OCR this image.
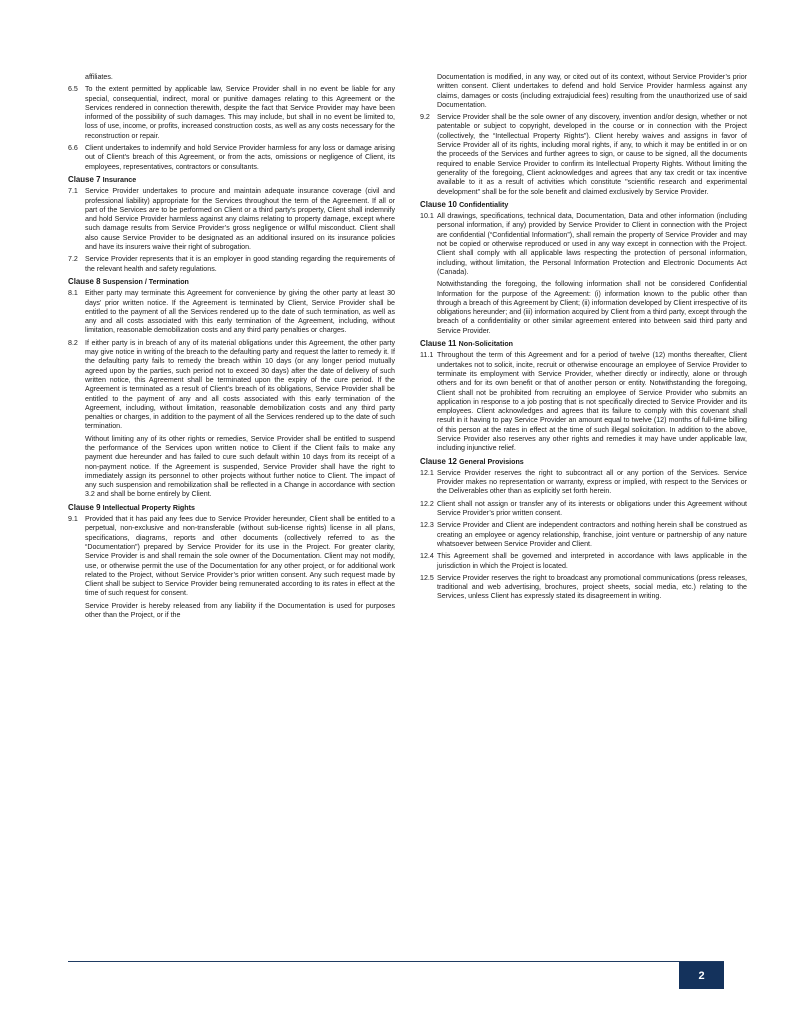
affiliates.
6.5	To the extent permitted by applicable law, Service Provider shall in no event be liable for any special, consequential, indirect, moral or punitive damages relating to this Agreement or the Services rendered in connection therewith, despite the fact that Service Provider may have been informed of the possibility of such damages. This may include, but shall in no event be limited to, loss of use, income, or profits, increased construction costs, as well as any costs necessary for the reconstruction or repair.
6.6	Client undertakes to indemnify and hold Service Provider harmless for any loss or damage arising out of Client’s breach of this Agreement, or from the acts, omissions or negligence of Client, its employees, representatives, contractors or consultants.
Clause 7 Insurance
7.1	Service Provider undertakes to procure and maintain adequate insurance coverage (civil and professional liability) appropriate for the Services throughout the term of the Agreement. If all or part of the Services are to be performed on Client or a third party’s property, Client shall indemnify and hold Service Provider harmless against any claims relating to property damage, except where such damage results from Service Provider’s gross negligence or willful misconduct. Client shall also cause Service Provider to be designated as an additional insured on its insurance policies and have its insurers waive their right of subrogation.
7.2	Service Provider represents that it is an employer in good standing regarding the requirements of the relevant health and safety regulations.
Clause 8 Suspension / Termination
8.1	Either party may terminate this Agreement for convenience by giving the other party at least 30 days' prior written notice. If the Agreement is terminated by Client, Service Provider shall be entitled to the payment of all the Services rendered up to the date of such termination, as well as any and all costs associated with this early termination of the Agreement, including, without limitation, reasonable demobilization costs and any third party penalties or charges.
8.2	If either party is in breach of any of its material obligations under this Agreement, the other party may give notice in writing of the breach to the defaulting party and request the latter to remedy it. If the defaulting party fails to remedy the breach within 10 days (or any longer period mutually agreed upon by the parties, such period not to exceed 30 days) after the date of delivery of such written notice, this Agreement shall be terminated upon the expiry of the cure period. If the Agreement is terminated as a result of Client’s breach of its obligations, Service Provider shall be entitled to the payment of any and all costs associated with this early termination of the Agreement, including, without limitation, reasonable demobilization costs and any third party penalties or charges, in addition to the payment of all the Services rendered up to the date of such termination.
Without limiting any of its other rights or remedies, Service Provider shall be entitled to suspend the performance of the Services upon written notice to Client if the Client fails to make any payment due hereunder and has failed to cure such default within 10 days from its receipt of a non-payment notice. If the Agreement is suspended, Service Provider shall have the right to immediately assign its personnel to other projects without further notice to Client. The impact of any such suspension and remobilization shall be reflected in a Change in accordance with section 3.2 and shall be borne entirely by Client.
Clause 9 Intellectual Property Rights
9.1	Provided that it has paid any fees due to Service Provider hereunder, Client shall be entitled to a perpetual, non-exclusive and non-transferable (without sub-license rights) license in all plans, specifications, diagrams, reports and other documents (collectively referred to as the “Documentation”) prepared by Service Provider for its use in the Project. For greater clarity, Service Provider is and shall remain the sole owner of the Documentation. Client may not modify, use, or otherwise permit the use of the Documentation for any other project, or for additional work related to the Project, without Service Provider’s prior written consent. Any such request made by Client shall be subject to Service Provider being remunerated according to its rates in effect at the time of such request for consent.
Service Provider is hereby released from any liability if the Documentation is used for purposes other than the Project, or if the
Documentation is modified, in any way, or cited out of its context, without Service Provider’s prior written consent. Client undertakes to defend and hold Service Provider harmless against any claims, damages or costs (including extrajudicial fees) resulting from the unauthorized use of said Documentation.
9.2	Service Provider shall be the sole owner of any discovery, invention and/or design, whether or not patentable or subject to copyright, developed in the course or in connection with the Project (collectively, the “Intellectual Property Rights”). Client hereby waives and assigns in favor of Service Provider all of its rights, including moral rights, if any, to which it may be entitled in or on the proceeds of the Services and further agrees to sign, or cause to be signed, all the documents required to enable Service Provider to confirm its Intellectual Property Rights. Without limiting the generality of the foregoing, Client acknowledges and agrees that any tax credit or tax incentive available to it as a result of activities which constitute "scientific research and experimental development" shall be for the sole benefit and claimed exclusively by Service Provider.
Clause 10 Confidentiality
10.1 All drawings, specifications, technical data, Documentation, Data and other information (including personal information, if any) provided by Service Provider to Client in connection with the Project are confidential (“Confidential Information”), shall remain the property of Service Provider and may not be copied or otherwise reproduced or used in any way except in connection with the Project. Client shall comply with all applicable laws respecting the protection of personal information, including, without limitation, the Personal Information Protection and Electronic Documents Act (Canada).
Notwithstanding the foregoing, the following information shall not be considered Confidential Information for the purpose of the Agreement: (i) information known to the public other than through a breach of this Agreement by Client; (ii) information developed by Client irrespective of its obligations hereunder; and (iii) information acquired by Client from a third party, except through the breach of a confidentiality or other similar agreement entered into between said third party and Service Provider.
Clause 11 Non-Solicitation
11.1 Throughout the term of this Agreement and for a period of twelve (12) months thereafter, Client undertakes not to solicit, incite, recruit or otherwise encourage an employee of Service Provider to terminate its employment with Service Provider, whether directly or indirectly, alone or through others and for its own benefit or that of another person or entity. Notwithstanding the foregoing, Client shall not be prohibited from recruiting an employee of Service Provider who submits an application in response to a job posting that is not specifically directed to Service Provider and its employees. Client acknowledges and agrees that its failure to comply with this covenant shall result in it having to pay Service Provider an amount equal to twelve (12) months of full-time billing of this person at the rates in effect at the time of such illegal solicitation. In addition to the above, Service Provider also reserves any other rights and remedies it may have under applicable law, including injunctive relief.
Clause 12 General Provisions
12.1 Service Provider reserves the right to subcontract all or any portion of the Services. Service Provider makes no representation or warranty, express or implied, with respect to the Services or the Deliverables other than as explicitly set forth herein.
12.2 Client shall not assign or transfer any of its interests or obligations under this Agreement without Service Provider’s prior written consent.
12.3 Service Provider and Client are independent contractors and nothing herein shall be construed as creating an employee or agency relationship, franchise, joint venture or partnership of any nature whatsoever between Service Provider and Client.
12.4 This Agreement shall be governed and interpreted in accordance with laws applicable in the jurisdiction in which the Project is located.
12.5 Service Provider reserves the right to broadcast any promotional communications (press releases, traditional and web advertising, brochures, project sheets, social media, etc.) relating to the Services, unless Client has expressly stated its disagreement in writing.
2
